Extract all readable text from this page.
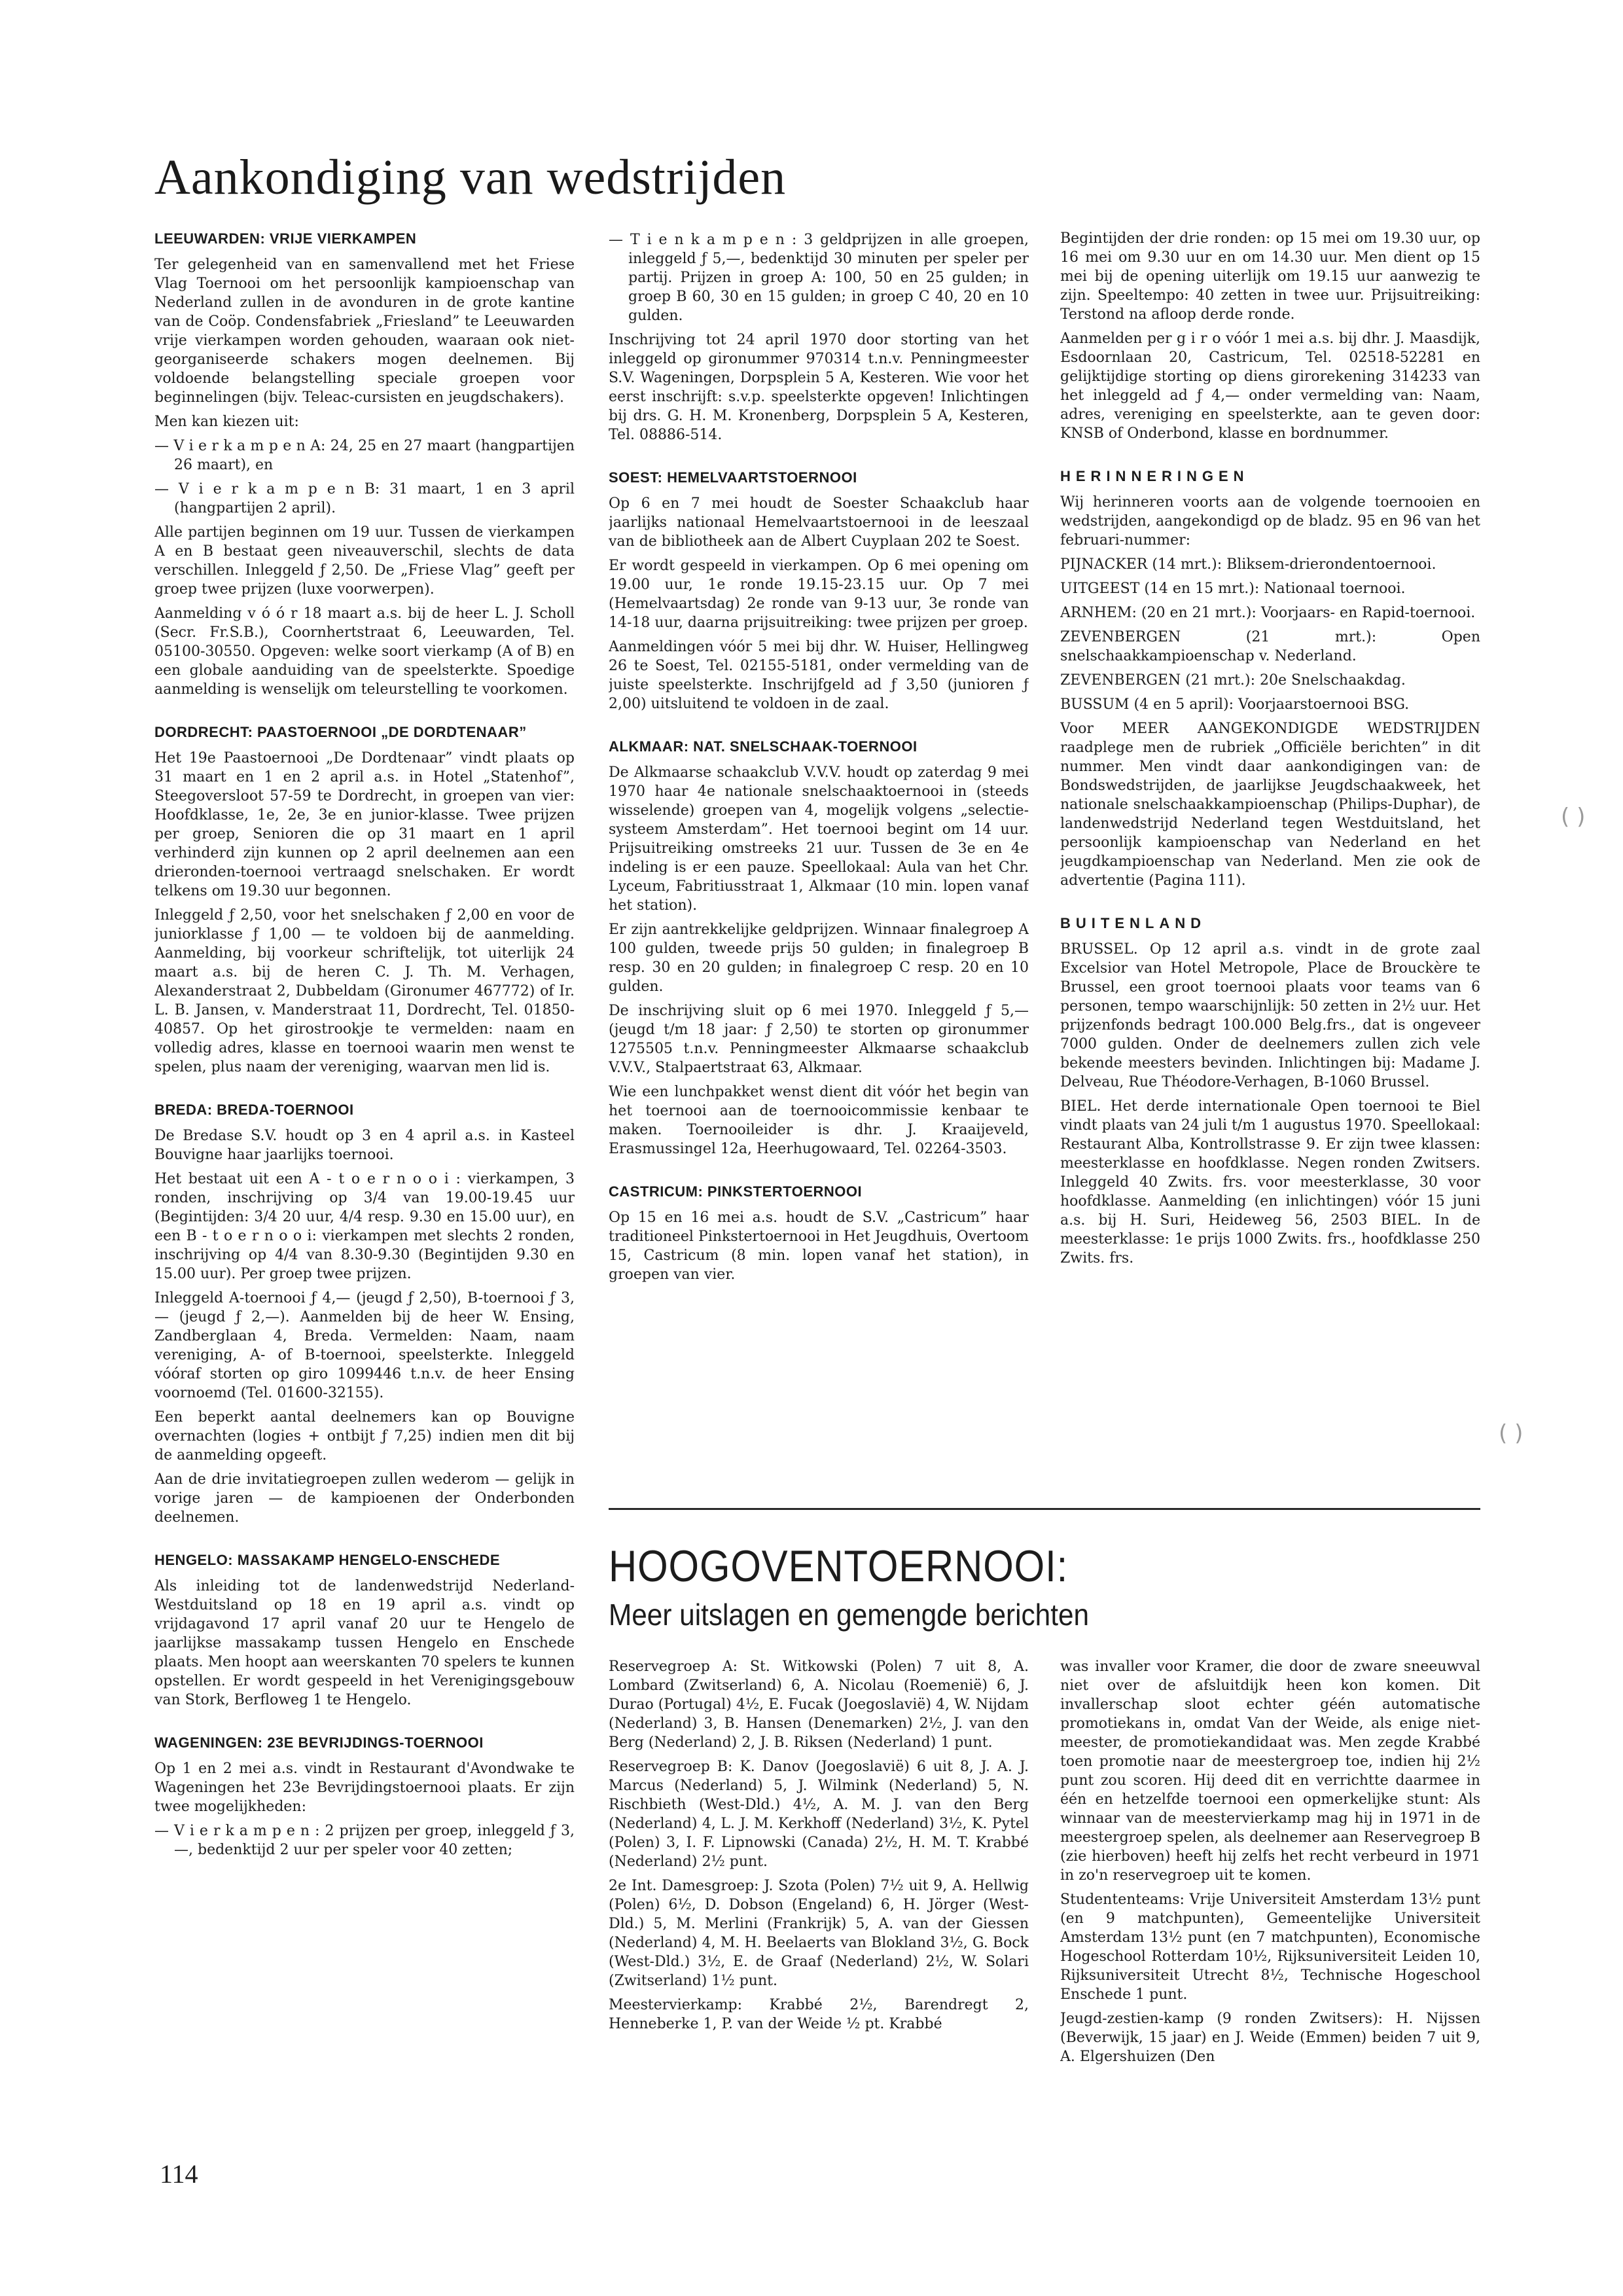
Aankondiging van wedstrijden
LEEUWARDEN: VRIJE VIERKAMPEN

Ter gelegenheid van en samenvallend met het Friese Vlag Toernooi om het persoonlijk kampioenschap van Nederland zullen in de avonduren in de grote kantine van de Coöp. Condensfabriek „Friesland” te Leeuwarden vrije vierkampen worden gehouden, waaraan ook niet-georganiseerde schakers mogen deelnemen. Bij voldoende belangstelling speciale groepen voor beginnelingen (bijv. Teleac-cursisten en jeugdschakers).

Men kan kiezen uit:

— V i e r k a m p e n A: 24, 25 en 27 maart (hangpartijen 26 maart), en

— V i e r k a m p e n B: 31 maart, 1 en 3 april (hangpartijen 2 april).

Alle partijen beginnen om 19 uur. Tussen de vierkampen A en B bestaat geen niveauverschil, slechts de data verschillen. Inleggeld ƒ 2,50. De „Friese Vlag” geeft per groep twee prijzen (luxe voorwerpen).

Aanmelding v ó ó r 18 maart a.s. bij de heer L. J. Scholl (Secr. Fr.S.B.), Coornhertstraat 6, Leeuwarden, Tel. 05100-30550. Opgeven: welke soort vierkamp (A of B) en een globale aanduiding van de speelsterkte. Spoedige aanmelding is wenselijk om teleurstelling te voorkomen.

DORDRECHT: PAASTOERNOOI „DE DORDTENAAR”

Het 19e Paastoernooi „De Dordtenaar” vindt plaats op 31 maart en 1 en 2 april a.s. in Hotel „Statenhof”, Steegoversloot 57-59 te Dordrecht, in groepen van vier: Hoofdklasse, 1e, 2e, 3e en junior-klasse. Twee prijzen per groep, Senioren die op 31 maart en 1 april verhinderd zijn kunnen op 2 april deelnemen aan een drieronden-toernooi vertraagd snelschaken. Er wordt telkens om 19.30 uur begonnen.

Inleggeld ƒ 2,50, voor het snelschaken ƒ 2,00 en voor de juniorklasse ƒ 1,00 — te voldoen bij de aanmelding. Aanmelding, bij voorkeur schriftelijk, tot uiterlijk 24 maart a.s. bij de heren C. J. Th. M. Verhagen, Alexanderstraat 2, Dubbeldam (Gironumer 467772) of Ir. L. B. Jansen, v. Manderstraat 11, Dordrecht, Tel. 01850-40857. Op het girostrookje te vermelden: naam en volledig adres, klasse en toernooi waarin men wenst te spelen, plus naam der vereniging, waarvan men lid is.

BREDA: BREDA-TOERNOOI

De Bredase S.V. houdt op 3 en 4 april a.s. in Kasteel Bouvigne haar jaarlijks toernooi.

Het bestaat uit een A - t o e r n o o i : vierkampen, 3 ronden, inschrijving op 3/4 van 19.00-19.45 uur (Begintijden: 3/4 20 uur, 4/4 resp. 9.30 en 15.00 uur), en een B - t o e r n o o i: vierkampen met slechts 2 ronden, inschrijving op 4/4 van 8.30-9.30 (Begintijden 9.30 en 15.00 uur). Per groep twee prijzen.

Inleggeld A-toernooi ƒ 4,— (jeugd ƒ 2,50), B-toernooi ƒ 3,— (jeugd ƒ 2,—). Aanmelden bij de heer W. Ensing, Zandberglaan 4, Breda. Vermelden: Naam, naam vereniging, A- of B-toernooi, speelsterkte. Inleggeld vóóraf storten op giro 1099446 t.n.v. de heer Ensing voornoemd (Tel. 01600-32155).

Een beperkt aantal deelnemers kan op Bouvigne overnachten (logies + ontbijt ƒ 7,25) indien men dit bij de aanmelding opgeeft.

Aan de drie invitatiegroepen zullen wederom — gelijk in vorige jaren — de kampioenen der Onderbonden deelnemen.

HENGELO: MASSAKAMP HENGELO-ENSCHEDE

Als inleiding tot de landenwedstrijd Nederland-Westduitsland op 18 en 19 april a.s. vindt op vrijdagavond 17 april vanaf 20 uur te Hengelo de jaarlijkse massakamp tussen Hengelo en Enschede plaats. Men hoopt aan weerskanten 70 spelers te kunnen opstellen. Er wordt gespeeld in het Verenigingsgebouw van Stork, Berfloweg 1 te Hengelo.

WAGENINGEN: 23E BEVRIJDINGS-TOERNOOI

Op 1 en 2 mei a.s. vindt in Restaurant d'Avondwake te Wageningen het 23e Bevrijdingstoernooi plaats. Er zijn twee mogelijkheden:

— V i e r k a m p e n : 2 prijzen per groep, inleggeld ƒ 3,—, bedenktijd 2 uur per speler voor 40 zetten;

— T i e n k a m p e n : 3 geldprijzen in alle groepen, inleggeld ƒ 5,—, bedenktijd 30 minuten per speler per partij. Prijzen in groep A: 100, 50 en 25 gulden; in groep B 60, 30 en 15 gulden; in groep C 40, 20 en 10 gulden.

Inschrijving tot 24 april 1970 door storting van het inleggeld op gironummer 970314 t.n.v. Penningmeester S.V. Wageningen, Dorpsplein 5 A, Kesteren. Wie voor het eerst inschrijft: s.v.p. speelsterkte opgeven! Inlichtingen bij drs. G. H. M. Kronenberg, Dorpsplein 5 A, Kesteren, Tel. 08886-514.

SOEST: HEMELVAARTSTOERNOOI

Op 6 en 7 mei houdt de Soester Schaakclub haar jaarlijks nationaal Hemelvaartstoernooi in de leeszaal van de bibliotheek aan de Albert Cuyplaan 202 te Soest.

Er wordt gespeeld in vierkampen. Op 6 mei opening om 19.00 uur, 1e ronde 19.15-23.15 uur. Op 7 mei (Hemelvaartsdag) 2e ronde van 9-13 uur, 3e ronde van 14-18 uur, daarna prijsuitreiking: twee prijzen per groep.

Aanmeldingen vóór 5 mei bij dhr. W. Huiser, Hellingweg 26 te Soest, Tel. 02155-5181, onder vermelding van de juiste speelsterkte. Inschrijfgeld ad ƒ 3,50 (junioren ƒ 2,00) uitsluitend te voldoen in de zaal.

ALKMAAR: NAT. SNELSCHAAK-TOERNOOI

De Alkmaarse schaakclub V.V.V. houdt op zaterdag 9 mei 1970 haar 4e nationale snelschaaktoernooi in (steeds wisselende) groepen van 4, mogelijk volgens „selectie-systeem Amsterdam”. Het toernooi begint om 14 uur. Prijsuitreiking omstreeks 21 uur. Tussen de 3e en 4e indeling is er een pauze. Speellokaal: Aula van het Chr. Lyceum, Fabritiusstraat 1, Alkmaar (10 min. lopen vanaf het station).

Er zijn aantrekkelijke geldprijzen. Winnaar finalegroep A 100 gulden, tweede prijs 50 gulden; in finalegroep B resp. 30 en 20 gulden; in finalegroep C resp. 20 en 10 gulden.

De inschrijving sluit op 6 mei 1970. Inleggeld ƒ 5,— (jeugd t/m 18 jaar: ƒ 2,50) te storten op gironummer 1275505 t.n.v. Penningmeester Alkmaarse schaakclub V.V.V., Stalpaertstraat 63, Alkmaar.

Wie een lunchpakket wenst dient dit vóór het begin van het toernooi aan de toernooicommissie kenbaar te maken. Toernooileider is dhr. J. Kraaijeveld, Erasmussingel 12a, Heerhugowaard, Tel. 02264-3503.

CASTRICUM: PINKSTERTOERNOOI

Op 15 en 16 mei a.s. houdt de S.V. „Castricum” haar traditioneel Pinkstertoernooi in Het Jeugdhuis, Overtoom 15, Castricum (8 min. lopen vanaf het station), in groepen van vier.

Begintijden der drie ronden: op 15 mei om 19.30 uur, op 16 mei om 9.30 uur en om 14.30 uur. Men dient op 15 mei bij de opening uiterlijk om 19.15 uur aanwezig te zijn. Speeltempo: 40 zetten in twee uur. Prijsuitreiking: Terstond na afloop derde ronde.

Aanmelden per g i r o vóór 1 mei a.s. bij dhr. J. Maasdijk, Esdoornlaan 20, Castricum, Tel. 02518-52281 en gelijktijdige storting op diens girorekening 314233 van het inleggeld ad ƒ 4,— onder vermelding van: Naam, adres, vereniging en speelsterkte, aan te geven door: KNSB of Onderbond, klasse en bordnummer.

HERINNERINGEN

Wij herinneren voorts aan de volgende toernooien en wedstrijden, aangekondigd op de bladz. 95 en 96 van het februari-nummer:

PIJNACKER (14 mrt.): Bliksem-drierondentoernooi.

UITGEEST (14 en 15 mrt.): Nationaal toernooi.

ARNHEM: (20 en 21 mrt.): Voorjaars- en Rapid-toernooi.

ZEVENBERGEN (21 mrt.): Open snelschaakkampioenschap v. Nederland.

ZEVENBERGEN (21 mrt.): 20e Snelschaakdag.

BUSSUM (4 en 5 april): Voorjaarstoernooi BSG.

Voor MEER AANGEKONDIGDE WEDSTRIJDEN raadplege men de rubriek „Officiële berichten” in dit nummer. Men vindt daar aankondigingen van: de Bondswedstrijden, de jaarlijkse Jeugdschaakweek, het nationale snelschaakkampioenschap (Philips-Duphar), de landenwedstrijd Nederland tegen Westduitsland, het persoonlijk kampioenschap van Nederland en het jeugdkampioenschap van Nederland. Men zie ook de advertentie (Pagina 111).

BUITENLAND

BRUSSEL. Op 12 april a.s. vindt in de grote zaal Excelsior van Hotel Metropole, Place de Brouckère te Brussel, een groot toernooi plaats voor teams van 6 personen, tempo waarschijnlijk: 50 zetten in 2½ uur. Het prijzenfonds bedragt 100.000 Belg.frs., dat is ongeveer 7000 gulden. Onder de deelnemers zullen zich vele bekende meesters bevinden. Inlichtingen bij: Madame J. Delveau, Rue Théodore-Verhagen, B-1060 Brussel.

BIEL. Het derde internationale Open toernooi te Biel vindt plaats van 24 juli t/m 1 augustus 1970. Speellokaal: Restaurant Alba, Kontrollstrasse 9. Er zijn twee klassen: meesterklasse en hoofdklasse. Negen ronden Zwitsers. Inleggeld 40 Zwits. frs. voor meesterklasse, 30 voor hoofdklasse. Aanmelding (en inlichtingen) vóór 15 juni a.s. bij H. Suri, Heideweg 56, 2503 BIEL. In de meesterklasse: 1e prijs 1000 Zwits. frs., hoofdklasse 250 Zwits. frs.

HOOGOVENTOERNOOI:
Meer uitslagen en gemengde berichten

Reservegroep A: St. Witkowski (Polen) 7 uit 8, A. Lombard (Zwitserland) 6, A. Nicolau (Roemenië) 6, J. Durao (Portugal) 4½, E. Fucak (Joegoslavië) 4, W. Nijdam (Nederland) 3, B. Hansen (Denemarken) 2½, J. van den Berg (Nederland) 2, J. B. Riksen (Nederland) 1 punt.

Reservegroep B: K. Danov (Joegoslavië) 6 uit 8, J. A. J. Marcus (Nederland) 5, J. Wilmink (Nederland) 5, N. Rischbieth (West-Dld.) 4½, A. M. J. van den Berg (Nederland) 4, L. J. M. Kerkhoff (Nederland) 3½, K. Pytel (Polen) 3, I. F. Lipnowski (Canada) 2½, H. M. T. Krabbé (Nederland) 2½ punt.

2e Int. Damesgroep: J. Szota (Polen) 7½ uit 9, A. Hellwig (Polen) 6½, D. Dobson (Engeland) 6, H. Jörger (West-Dld.) 5, M. Merlini (Frankrijk) 5, A. van der Giessen (Nederland) 4, M. H. Beelaerts van Blokland 3½, G. Bock (West-Dld.) 3½, E. de Graaf (Nederland) 2½, W. Solari (Zwitserland) 1½ punt.

Meestervierkamp: Krabbé 2½, Barendregt 2, Henneberke 1, P. van der Weide ½ pt. Krabbé

was invaller voor Kramer, die door de zware sneeuwval niet over de afsluitdijk heen kon komen. Dit invallerschap sloot echter géén automatische promotiekans in, omdat Van der Weide, als enige niet-meester, de promotiekandidaat was. Men zegde Krabbé toen promotie naar de meestergroep toe, indien hij 2½ punt zou scoren. Hij deed dit en verrichtte daarmee in één en hetzelfde toernooi een opmerkelijke stunt: Als winnaar van de meestervierkamp mag hij in 1971 in de meestergroep spelen, als deelnemer aan Reservegroep B (zie hierboven) heeft hij zelfs het recht verbeurd in 1971 in zo'n reservegroep uit te komen.

Studententeams: Vrije Universiteit Amsterdam 13½ punt (en 9 matchpunten), Gemeentelijke Universiteit Amsterdam 13½ punt (en 7 matchpunten), Economische Hogeschool Rotterdam 10½, Rijksuniversiteit Leiden 10, Rijksuniversiteit Utrecht 8½, Technische Hogeschool Enschede 1 punt.

Jeugd-zestien-kamp (9 ronden Zwitsers): H. Nijssen (Beverwijk, 15 jaar) en J. Weide (Emmen) beiden 7 uit 9, A. Elgershuizen (Den

114
( )
( )
